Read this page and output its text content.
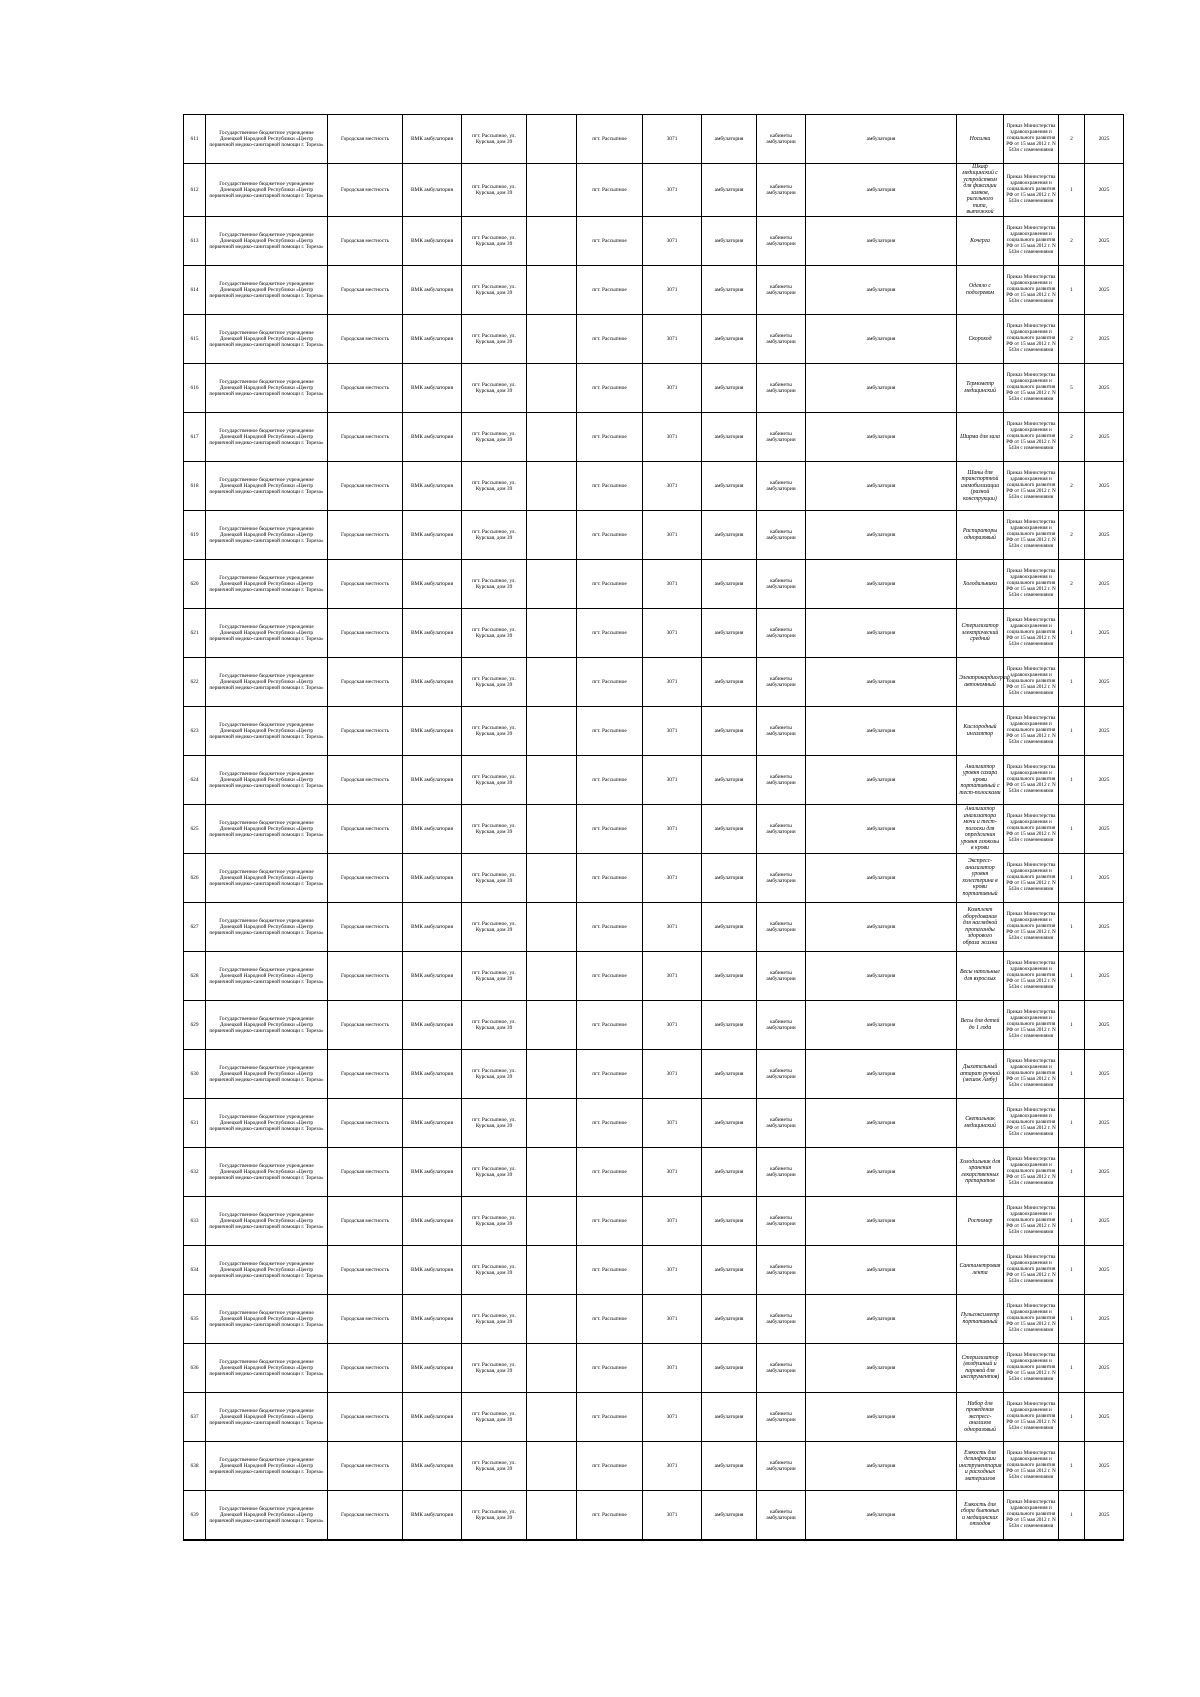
611	Государственное бюджетное учреждение Донецкой Народной Республики «Центр первичной медико-санитарной помощи г. Тореза»	Городская местность	ВМК амбулатория	пгт. Рассыпное, ул. Курская, дом 39		пгт. Рассыпное	3071	амбулатория	кабинеты амбулатории	амбулатория	Носилки	Приказ Министерства здравоохранения и социального развития РФ от 15 мая 2012 г. N 543н с изменениями	2	2025
612	Государственное бюджетное учреждение Донецкой Народной Республики «Центр первичной медико-санитарной помощи г. Тореза»	Городская местность	ВМК амбулатория	пгт. Рассыпное, ул. Курская, дом 39		пгт. Рассыпное	3071	амбулатория	кабинеты амбулатории	амбулатория	Шкаф медицинский с устройством для фиксации замков, ригельного типа, вытяжкой	Приказ Министерства здравоохранения и социального развития РФ от 15 мая 2012 г. N 543н с изменениями	1	2025
613	Государственное бюджетное учреждение Донецкой Народной Республики «Центр первичной медико-санитарной помощи г. Тореза»	Городская местность	ВМК амбулатория	пгт. Рассыпное, ул. Курская, дом 39		пгт. Рассыпное	3071	амбулатория	кабинеты амбулатории	амбулатория	Кочерга	Приказ Министерства здравоохранения и социального развития РФ от 15 мая 2012 г. N 543н с изменениями	2	2025
614	Государственное бюджетное учреждение Донецкой Народной Республики «Центр первичной медико-санитарной помощи г. Тореза»	Городская местность	ВМК амбулатория	пгт. Рассыпное, ул. Курская, дом 39		пгт. Рассыпное	3071	амбулатория	кабинеты амбулатории	амбулатория	Одеяло с подогревом	Приказ Министерства здравоохранения и социального развития РФ от 15 мая 2012 г. N 543н с изменениями	1	2025
615	Государственное бюджетное учреждение Донецкой Народной Республики «Центр первичной медико-санитарной помощи г. Тореза»	Городская местность	ВМК амбулатория	пгт. Рассыпное, ул. Курская, дом 39		пгт. Рассыпное	3071	амбулатория	кабинеты амбулатории	амбулатория	Скороход	Приказ Министерства здравоохранения и социального развития РФ от 15 мая 2012 г. N 543н с изменениями	2	2025
616	Государственное бюджетное учреждение Донецкой Народной Республики «Центр первичной медико-санитарной помощи г. Тореза»	Городская местность	ВМК амбулатория	пгт. Рассыпное, ул. Курская, дом 39		пгт. Рассыпное	3071	амбулатория	кабинеты амбулатории	амбулатория	Термометр медицинский	Приказ Министерства здравоохранения и социального развития РФ от 15 мая 2012 г. N 543н с изменениями	5	2025
617	Государственное бюджетное учреждение Донецкой Народной Республики «Центр первичной медико-санитарной помощи г. Тореза»	Городская местность	ВМК амбулатория	пгт. Рассыпное, ул. Курская, дом 39		пгт. Рассыпное	3071	амбулатория	кабинеты амбулатории	амбулатория	Ширма для зала	Приказ Министерства здравоохранения и социального развития РФ от 15 мая 2012 г. N 543н с изменениями	2	2025
618	Государственное бюджетное учреждение Донецкой Народной Республики «Центр первичной медико-санитарной помощи г. Тореза»	Городская местность	ВМК амбулатория	пгт. Рассыпное, ул. Курская, дом 39		пгт. Рассыпное	3071	амбулатория	кабинеты амбулатории	амбулатория	Шины для транспортной иммобилизации (разной конструкции)	Приказ Министерства здравоохранения и социального развития РФ от 15 мая 2012 г. N 543н с изменениями	2	2025
619	Государственное бюджетное учреждение Донецкой Народной Республики «Центр первичной медико-санитарной помощи г. Тореза»	Городская местность	ВМК амбулатория	пгт. Рассыпное, ул. Курская, дом 39		пгт. Рассыпное	3071	амбулатория	кабинеты амбулатории	амбулатория	Распираторы одноразовый	Приказ Министерства здравоохранения и социального развития РФ от 15 мая 2012 г. N 543н с изменениями	2	2025
620	Государственное бюджетное учреждение Донецкой Народной Республики «Центр первичной медико-санитарной помощи г. Тореза»	Городская местность	ВМК амбулатория	пгт. Рассыпное, ул. Курская, дом 39		пгт. Рассыпное	3071	амбулатория	кабинеты амбулатории	амбулатория	Холодильники	Приказ Министерства здравоохранения и социального развития РФ от 15 мая 2012 г. N 543н с изменениями	2	2025
621	Государственное бюджетное учреждение Донецкой Народной Республики «Центр первичной медико-санитарной помощи г. Тореза»	Городская местность	ВМК амбулатория	пгт. Рассыпное, ул. Курская, дом 39		пгт. Рассыпное	3071	амбулатория	кабинеты амбулатории	амбулатория	Стерилизатор электрический средний	Приказ Министерства здравоохранения и социального развития РФ от 15 мая 2012 г. N 543н с изменениями	1	2025
622	Государственное бюджетное учреждение Донецкой Народной Республики «Центр первичной медико-санитарной помощи г. Тореза»	Городская местность	ВМК амбулатория	пгт. Рассыпное, ул. Курская, дом 39		пгт. Рассыпное	3071	амбулатория	кабинеты амбулатории	амбулатория	Электрокардиограф автономный	Приказ Министерства здравоохранения и социального развития РФ от 15 мая 2012 г. N 543н с изменениями	1	2025
623	Государственное бюджетное учреждение Донецкой Народной Республики «Центр первичной медико-санитарной помощи г. Тореза»	Городская местность	ВМК амбулатория	пгт. Рассыпное, ул. Курская, дом 39		пгт. Рассыпное	3071	амбулатория	кабинеты амбулатории	амбулатория	Кислородный ингалятор	Приказ Министерства здравоохранения и социального развития РФ от 15 мая 2012 г. N 543н с изменениями	1	2025
624	Государственное бюджетное учреждение Донецкой Народной Республики «Центр первичной медико-санитарной помощи г. Тореза»	Городская местность	ВМК амбулатория	пгт. Рассыпное, ул. Курская, дом 39		пгт. Рассыпное	3071	амбулатория	кабинеты амбулатории	амбулатория	Анализатор уровня сахара крови портативный с тест-полосками	Приказ Министерства здравоохранения и социального развития РФ от 15 мая 2012 г. N 543н с изменениями	1	2025
625	Государственное бюджетное учреждение Донецкой Народной Республики «Центр первичной медико-санитарной помощи г. Тореза»	Городская местность	ВМК амбулатория	пгт. Рассыпное, ул. Курская, дом 39		пгт. Рассыпное	3071	амбулатория	кабинеты амбулатории	амбулатория	Анализатор анализатора мочи и тест-полоски для определения уровня глюкозы в крови	Приказ Министерства здравоохранения и социального развития РФ от 15 мая 2012 г. N 543н с изменениями	1	2025
626	Государственное бюджетное учреждение Донецкой Народной Республики «Центр первичной медико-санитарной помощи г. Тореза»	Городская местность	ВМК амбулатория	пгт. Рассыпное, ул. Курская, дом 39		пгт. Рассыпное	3071	амбулатория	кабинеты амбулатории	амбулатория	Экспресс-анализатор уровня холестерина в крови портативный	Приказ Министерства здравоохранения и социального развития РФ от 15 мая 2012 г. N 543н с изменениями	1	2025
627	Государственное бюджетное учреждение Донецкой Народной Республики «Центр первичной медико-санитарной помощи г. Тореза»	Городская местность	ВМК амбулатория	пгт. Рассыпное, ул. Курская, дом 39		пгт. Рассыпное	3071	амбулатория	кабинеты амбулатории	амбулатория	Комплект оборудования для наглядной пропаганды здорового образа жизни	Приказ Министерства здравоохранения и социального развития РФ от 15 мая 2012 г. N 543н с изменениями	1	2025
628	Государственное бюджетное учреждение Донецкой Народной Республики «Центр первичной медико-санитарной помощи г. Тореза»	Городская местность	ВМК амбулатория	пгт. Рассыпное, ул. Курская, дом 39		пгт. Рассыпное	3071	амбулатория	кабинеты амбулатории	амбулатория	Весы напольные для взрослых	Приказ Министерства здравоохранения и социального развития РФ от 15 мая 2012 г. N 543н с изменениями	1	2025
629	Государственное бюджетное учреждение Донецкой Народной Республики «Центр первичной медико-санитарной помощи г. Тореза»	Городская местность	ВМК амбулатория	пгт. Рассыпное, ул. Курская, дом 39		пгт. Рассыпное	3071	амбулатория	кабинеты амбулатории	амбулатория	Весы для детей до 1 года	Приказ Министерства здравоохранения и социального развития РФ от 15 мая 2012 г. N 543н с изменениями	1	2025
630	Государственное бюджетное учреждение Донецкой Народной Республики «Центр первичной медико-санитарной помощи г. Тореза»	Городская местность	ВМК амбулатория	пгт. Рассыпное, ул. Курская, дом 39		пгт. Рассыпное	3071	амбулатория	кабинеты амбулатории	амбулатория	Дыхательный аппарат ручной (мешок Амбу)	Приказ Министерства здравоохранения и социального развития РФ от 15 мая 2012 г. N 543н с изменениями	1	2025
631	Государственное бюджетное учреждение Донецкой Народной Республики «Центр первичной медико-санитарной помощи г. Тореза»	Городская местность	ВМК амбулатория	пгт. Рассыпное, ул. Курская, дом 39		пгт. Рассыпное	3071	амбулатория	кабинеты амбулатории	амбулатория	Светильник медицинский	Приказ Министерства здравоохранения и социального развития РФ от 15 мая 2012 г. N 543н с изменениями	1	2025
632	Государственное бюджетное учреждение Донецкой Народной Республики «Центр первичной медико-санитарной помощи г. Тореза»	Городская местность	ВМК амбулатория	пгт. Рассыпное, ул. Курская, дом 39		пгт. Рассыпное	3071	амбулатория	кабинеты амбулатории	амбулатория	Холодильник для хранения лекарственных препаратов	Приказ Министерства здравоохранения и социального развития РФ от 15 мая 2012 г. N 543н с изменениями	1	2025
633	Государственное бюджетное учреждение Донецкой Народной Республики «Центр первичной медико-санитарной помощи г. Тореза»	Городская местность	ВМК амбулатория	пгт. Рассыпное, ул. Курская, дом 39		пгт. Рассыпное	3071	амбулатория	кабинеты амбулатории	амбулатория	Ростомер	Приказ Министерства здравоохранения и социального развития РФ от 15 мая 2012 г. N 543н с изменениями	1	2025
634	Государственное бюджетное учреждение Донецкой Народной Республики «Центр первичной медико-санитарной помощи г. Тореза»	Городская местность	ВМК амбулатория	пгт. Рассыпное, ул. Курская, дом 39		пгт. Рассыпное	3071	амбулатория	кабинеты амбулатории	амбулатория	Сантиметровая лента	Приказ Министерства здравоохранения и социального развития РФ от 15 мая 2012 г. N 543н с изменениями	1	2025
635	Государственное бюджетное учреждение Донецкой Народной Республики «Центр первичной медико-санитарной помощи г. Тореза»	Городская местность	ВМК амбулатория	пгт. Рассыпное, ул. Курская, дом 39		пгт. Рассыпное	3071	амбулатория	кабинеты амбулатории	амбулатория	Пульсоксиметр портативный	Приказ Министерства здравоохранения и социального развития РФ от 15 мая 2012 г. N 543н с изменениями	1	2025
636	Государственное бюджетное учреждение Донецкой Народной Республики «Центр первичной медико-санитарной помощи г. Тореза»	Городская местность	ВМК амбулатория	пгт. Рассыпное, ул. Курская, дом 39		пгт. Рассыпное	3071	амбулатория	кабинеты амбулатории	амбулатория	Стерилизатор (воздушный и паровой для инструментов)	Приказ Министерства здравоохранения и социального развития РФ от 15 мая 2012 г. N 543н с изменениями	1	2025
637	Государственное бюджетное учреждение Донецкой Народной Республики «Центр первичной медико-санитарной помощи г. Тореза»	Городская местность	ВМК амбулатория	пгт. Рассыпное, ул. Курская, дом 39		пгт. Рассыпное	3071	амбулатория	кабинеты амбулатории	амбулатория	Набор для проведения экспресс-анализов одноразовый	Приказ Министерства здравоохранения и социального развития РФ от 15 мая 2012 г. N 543н с изменениями	1	2025
638	Государственное бюджетное учреждение Донецкой Народной Республики «Центр первичной медико-санитарной помощи г. Тореза»	Городская местность	ВМК амбулатория	пгт. Рассыпное, ул. Курская, дом 39		пгт. Рассыпное	3071	амбулатория	кабинеты амбулатории	амбулатория	Емкость для дезинфекции инструментария и расходных материалов	Приказ Министерства здравоохранения и социального развития РФ от 15 мая 2012 г. N 543н с изменениями	1	2025
639	Государственное бюджетное учреждение Донецкой Народной Республики «Центр первичной медико-санитарной помощи г. Тореза»	Городская местность	ВМК амбулатория	пгт. Рассыпное, ул. Курская, дом 39		пгт. Рассыпное	3071	амбулатория	кабинеты амбулатории	амбулатория	Емкость для сбора бытовых и медицинских отходов	Приказ Министерства здравоохранения и социального развития РФ от 15 мая 2012 г. N 543н с изменениями	1	2025
